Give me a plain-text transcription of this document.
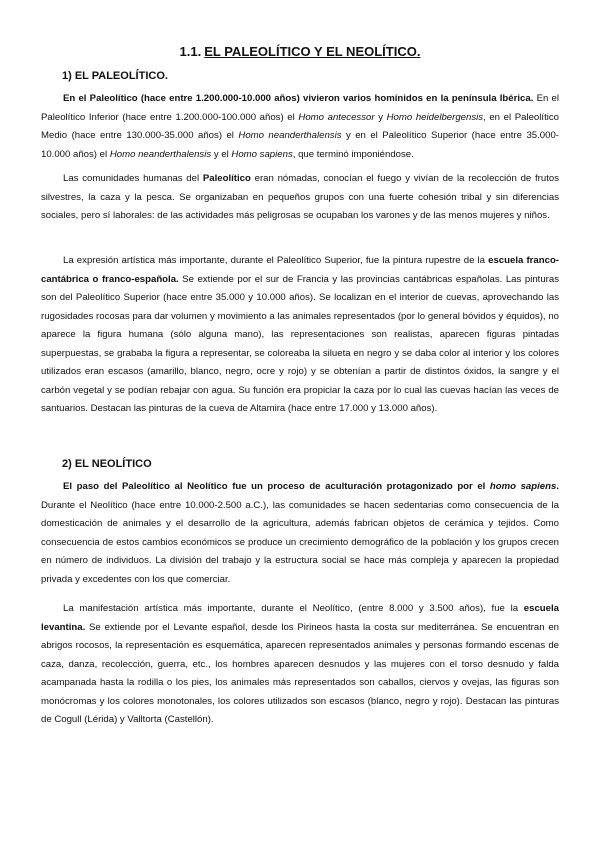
1.1. EL PALEOLÍTICO Y EL NEOLÍTICO.
1) EL PALEOLÍTICO.

En el Paleolítico (hace entre 1.200.000-10.000 años) vivieron varios homínidos en la península Ibérica. En el Paleolítico Inferior (hace entre 1.200.000-100.000 años) el Homo antecessor y Homo heidelbergensis, en el Paleolítico Medio (hace entre 130.000-35.000 años) el Homo neanderthalensis y en el Paleolítico Superior (hace entre 35.000-10.000 años) el Homo neanderthalensis y el Homo sapiens, que terminó imponiéndose.

Las comunidades humanas del Paleolítico eran nómadas, conocían el fuego y vivían de la recolección de frutos silvestres, la caza y la pesca. Se organizaban en pequeños grupos con una fuerte cohesión tribal y sin diferencias sociales, pero sí laborales: de las actividades más peligrosas se ocupaban los varones y de las menos mujeres y niños.

La expresión artística más importante, durante el Paleolítico Superior, fue la pintura rupestre de la escuela franco-cantábrica o franco-española. Se extiende por el sur de Francia y las provincias cantábricas españolas. Las pinturas son del Paleolítico Superior (hace entre 35.000 y 10.000 años). Se localizan en el interior de cuevas, aprovechando las rugosidades rocosas para dar volumen y movimiento a las animales representados (por lo general bóvidos y équidos), no aparece la figura humana (sólo alguna mano), las representaciones son realistas, aparecen figuras pintadas superpuestas, se grababa la figura a representar, se coloreaba la silueta en negro y se daba color al interior y los colores utilizados eran escasos (amarillo, blanco, negro, ocre y rojo) y se obtenían a partir de distintos óxidos, la sangre y el carbón vegetal y se podían rebajar con agua. Su función era propiciar la caza por lo cual las cuevas hacían las veces de santuarios. Destacan las pinturas de la cueva de Altamira (hace entre 17.000 y 13.000 años).

2) EL NEOLÍTICO

El paso del Paleolítico al Neolítico fue un proceso de aculturación protagonizado por el homo sapiens. Durante el Neolítico (hace entre 10.000-2.500 a.C.), las comunidades se hacen sedentarias como consecuencia de la domesticación de animales y el desarrollo de la agricultura, además fabrican objetos de cerámica y tejidos. Como consecuencia de estos cambios económicos se produce un crecimiento demográfico de la población y los grupos crecen en número de individuos. La división del trabajo y la estructura social se hace más compleja y aparecen la propiedad privada y excedentes con los que comerciar.

La manifestación artística más importante, durante el Neolítico, (entre 8.000 y 3.500 años), fue la escuela levantina. Se extiende por el Levante español, desde los Pirineos hasta la costa sur mediterránea. Se encuentran en abrigos rocosos, la representación es esquemática, aparecen representados animales y personas formando escenas de caza, danza, recolección, guerra, etc., los hombres aparecen desnudos y las mujeres con el torso desnudo y falda acampanada hasta la rodilla o los pies, los animales más representados son caballos, ciervos y ovejas, las figuras son monócromas y los colores monotonales, los colores utilizados son escasos (blanco, negro y rojo). Destacan las pinturas de Cogull (Lérida) y Valltorta (Castellón).
